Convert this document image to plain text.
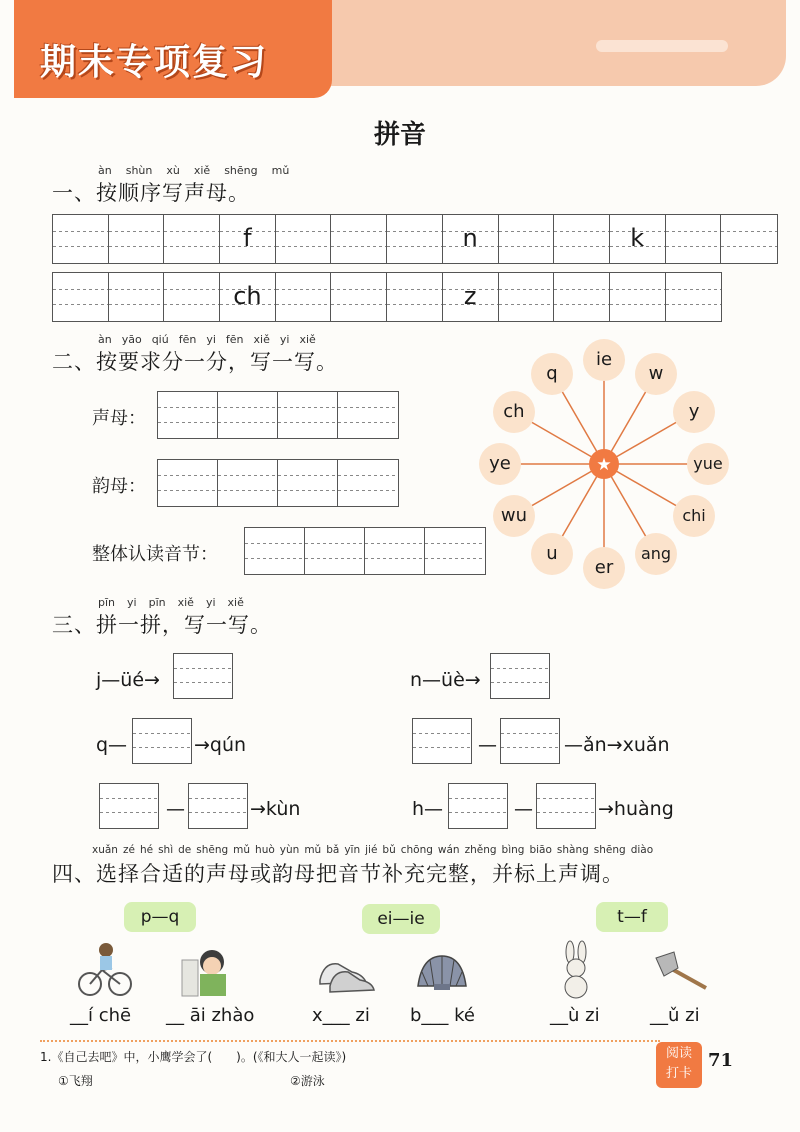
期末专项复习
拼音
àn shùn xù xiě shēng mǔ
一、按顺序写声母。
f	n	k
ch	z
àn yāo qiú fēn yi fēn xiě yi xiě
二、按要求分一分，写一写。
声母：
韵母：
整体认读音节：
★
ie
w
y
yue
chi
ang
er
u
wu
ye
ch
q
pīn yi pīn xiě yi xiě
三、拼一拼，写一写。
j—üé→	n—üè→
q—	→qún	—	—ǎn→xuǎn
—	→kùn	h—	—	→huàng
xuǎn zé hé shì de shēng mǔ huò yùn mǔ bǎ yīn jié bǔ chōng wán zhěng bìng biāo shàng shēng diào
四、选择合适的声母或韵母把音节补充完整，并标上声调。
p—q	ei—ie	t—f
__í chē __ āi zhào	x___ zi b___ ké	__ù zi	__ǔ zi
1.《自己去吧》中，小鹰学会了(　　)。(《和大人一起读》)
①飞翔	②游泳
阅读
打卡
71
